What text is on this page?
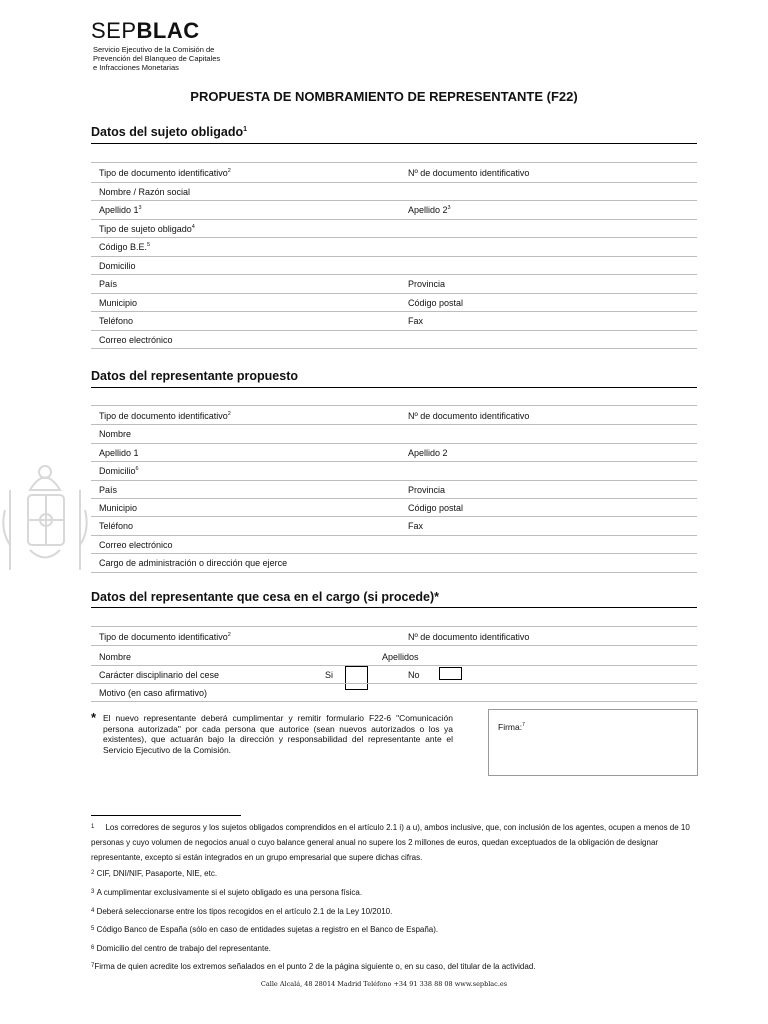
SEPBLAC
Servicio Ejecutivo de la Comisión de
Prevención del Blanqueo de Capitales
e Infracciones Monetarias
PROPUESTA DE NOMBRAMIENTO DE REPRESENTANTE (F22)
Datos del sujeto obligado$^1$
Tipo de documento identificativo$^2$	Nº de documento identificativo
Nombre / Razón social
Apellido $1^3$	Apellido $2^3$
Tipo de sujeto obligado$^4$
Código B.E.$^5$
Domicilio
País	Provincia
Municipio	Código postal
Teléfono	Fax
Correo electrónico
Datos del representante propuesto
Tipo de documento identificativo$^2$	Nº de documento identificativo
Nombre
Apellido 1	Apellido 2
Domicilio$^6$
País	Provincia
Municipio	Código postal
Teléfono	Fax
Correo electrónico
Cargo de administración o dirección que ejerce
Datos del representante que cesa en el cargo (si procede)*
Tipo de documento identificativo$^2$	Nº de documento identificativo
Nombre	Apellidos
Carácter disciplinario del cese	Si	No
Motivo (en caso afirmativo)
* El nuevo representante deberá cumplimentar y remitir formulario F22-6 "Comunicación persona autorizada" por cada persona que autorice (sean nuevos autorizados o los ya existentes), que actuarán bajo la dirección y responsabilidad del representante ante el Servicio Ejecutivo de la Comisión.
Firma:$^7$
$^1$ Los corredores de seguros y los sujetos obligados comprendidos en el artículo 2.1 i) a u), ambos inclusive, que, con inclusión de los agentes, ocupen a menos de 10 personas y cuyo volumen de negocios anual o cuyo balance general anual no supere los 2 millones de euros, quedan exceptuados de la obligación de designar representante, excepto si están integrados en un grupo empresarial que supere dichas cifras.
$^2$ CIF, DNI/NIF, Pasaporte, NIE, etc.
$^3$ A cumplimentar exclusivamente si el sujeto obligado es una persona física.
$^4$ Deberá seleccionarse entre los tipos recogidos en el artículo 2.1 de la Ley 10/2010.
$^5$ Código Banco de España (sólo en caso de entidades sujetas a registro en el Banco de España).
$^6$ Domicilio del centro de trabajo del representante.
$^7$Firma de quien acredite los extremos señalados en el punto 2 de la página siguiente o, en su caso, del titular de la actividad.
Calle Alcalá, 48 28014 Madrid Teléfono +34 91 338 88 08 www.sepblac.es
